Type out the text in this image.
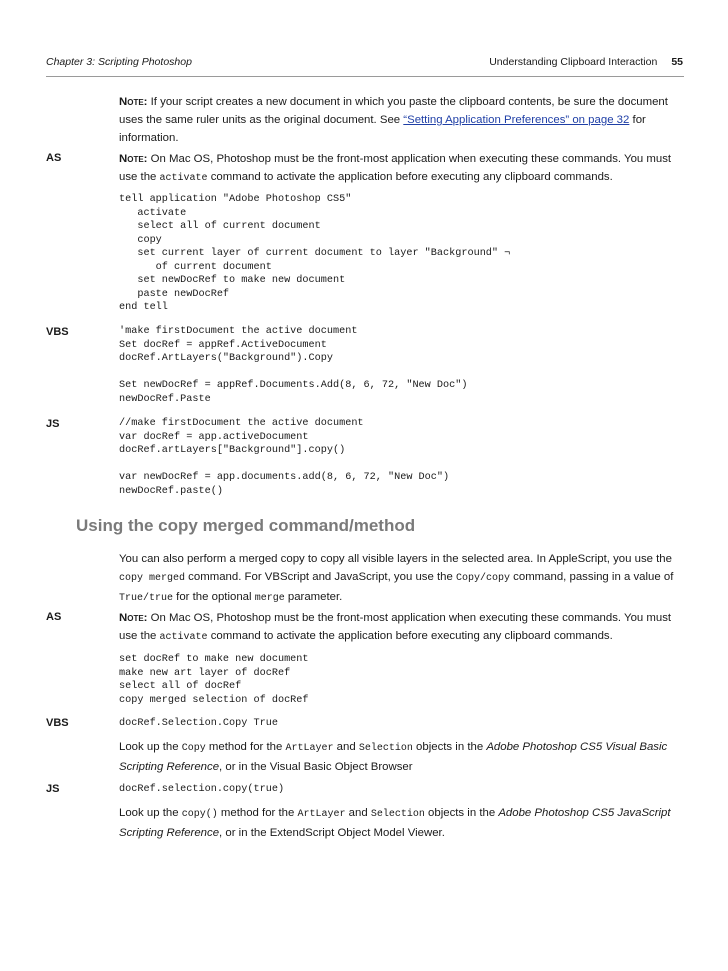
Chapter 3: Scripting Photoshop	Understanding Clipboard Interaction 55

Note: If your script creates a new document in which you paste the clipboard contents, be sure the document uses the same ruler units as the original document. See “Setting Application Preferences” on page 32 for information.

AS	Note: On Mac OS, Photoshop must be the front-most application when executing these commands. You must use the activate command to activate the application before executing any clipboard commands.

tell application "Adobe Photoshop CS5"
activate
select all of current document
copy
set current layer of current document to layer "Background" ¬
of current document
set newDocRef to make new document
paste newDocRef
end tell
VBS	'make firstDocument the active document
Set docRef = appRef.ActiveDocument
docRef.ArtLayers("Background").Copy
Set newDocRef = appRef.Documents.Add(8, 6, 72, "New Doc")
newDocRef.Paste
JS	//make firstDocument the active document
var docRef = app.activeDocument
docRef.artLayers["Background"].copy()
var newDocRef = app.documents.add(8, 6, 72, "New Doc")
newDocRef.paste()
Using the copy merged command/method

You can also perform a merged copy to copy all visible layers in the selected area. In AppleScript, you use the copy merged command. For VBScript and JavaScript, you use the Copy/copy command, passing in a value of True/true for the optional merge parameter.

AS	Note: On Mac OS, Photoshop must be the front-most application when executing these commands. You must use the activate command to activate the application before executing any clipboard commands.

set docRef to make new document
make new art layer of docRef
select all of docRef
copy merged selection of docRef
VBS	docRef.Selection.Copy True

Look up the Copy method for the ArtLayer and Selection objects in the Adobe Photoshop CS5 Visual Basic Scripting Reference, or in the Visual Basic Object Browser

JS	docRef.selection.copy(true)

Look up the copy() method for the ArtLayer and Selection objects in the Adobe Photoshop CS5 JavaScript Scripting Reference, or in the ExtendScript Object Model Viewer.
